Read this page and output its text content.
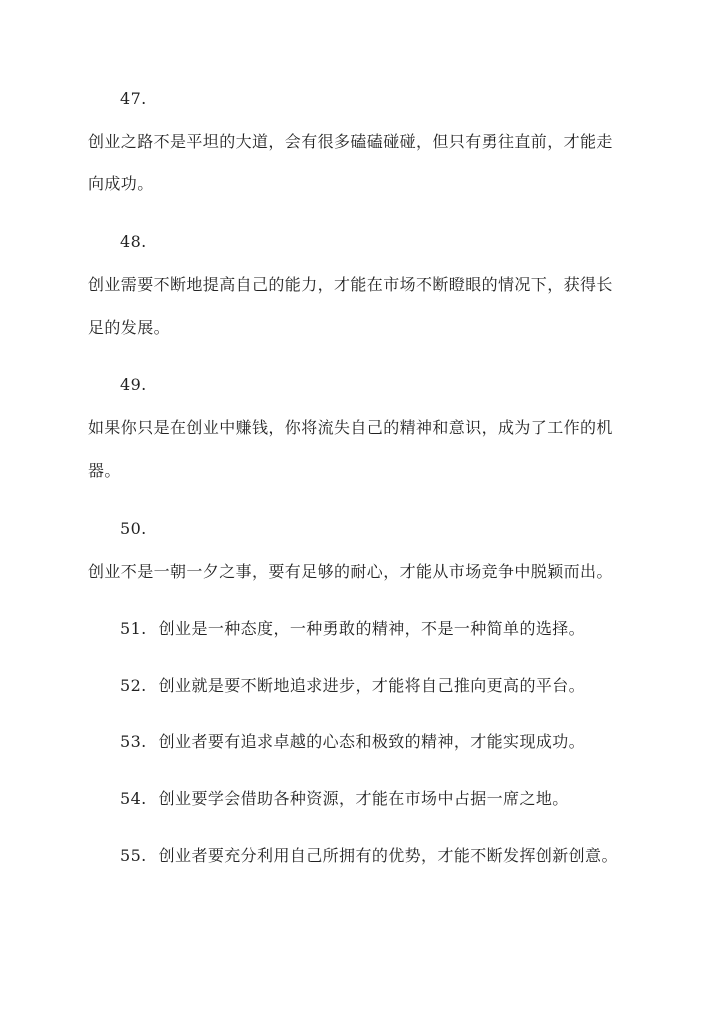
47.
创业之路不是平坦的大道，会有很多磕磕碰碰，但只有勇往直前，才能走
向成功。
48.
创业需要不断地提高自己的能力，才能在市场不断瞪眼的情况下，获得长
足的发展。
49.
如果你只是在创业中赚钱，你将流失自己的精神和意识，成为了工作的机
器。
50.
创业不是一朝一夕之事，要有足够的耐心，才能从市场竞争中脱颖而出。
51. 创业是一种态度，一种勇敢的精神，不是一种简单的选择。
52. 创业就是要不断地追求进步，才能将自己推向更高的平台。
53. 创业者要有追求卓越的心态和极致的精神，才能实现成功。
54. 创业要学会借助各种资源，才能在市场中占据一席之地。
55. 创业者要充分利用自己所拥有的优势，才能不断发挥创新创意。
